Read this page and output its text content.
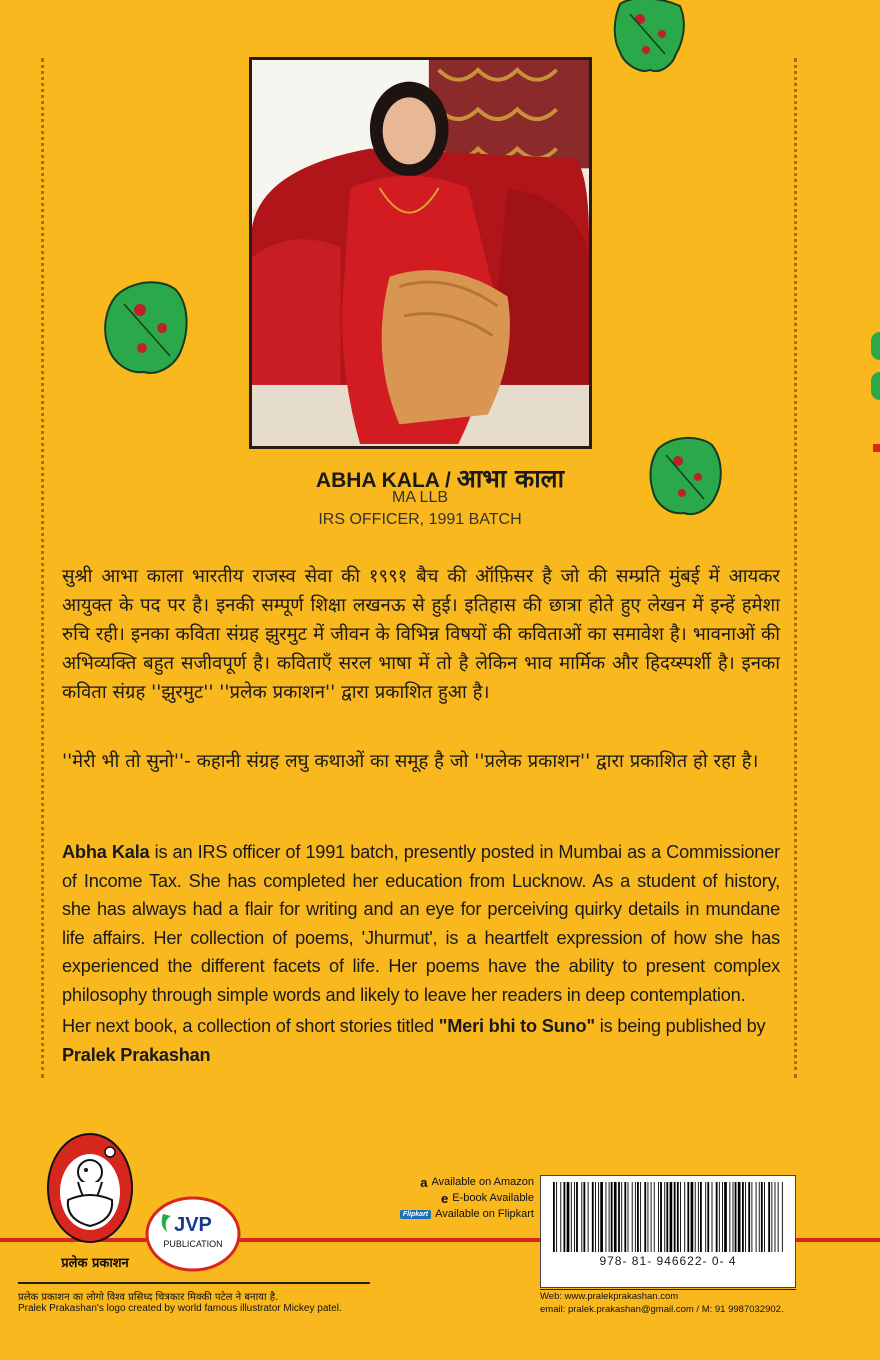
ABHA KALA / आभा काला
MA LLB
IRS OFFICER, 1991 BATCH

सुश्री आभा काला भारतीय राजस्व सेवा की १९९१ बैच की ऑफ़िसर है जो की सम्प्रति मुंबई में आयकर आयुक्त के पद पर है। इनकी सम्पूर्ण शिक्षा लखनऊ से हुई। इतिहास की छात्रा होते हुए लेखन में इन्हें हमेशा रुचि रही। इनका कविता संग्रह झुरमुट में जीवन के विभिन्न विषयों की कविताओं का समावेश है। भावनाओं की अभिव्यक्ति बहुत सजीवपूर्ण है। कविताएँ सरल भाषा में तो है लेकिन भाव मार्मिक और हिदय्स्पर्शी है। इनका कविता संग्रह ''झुरमुट'' ''प्रलेक प्रकाशन'' द्वारा प्रकाशित हुआ है।

''मेरी भी तो सुनो''- कहानी संग्रह लघु कथाओं का समूह है जो ''प्रलेक प्रकाशन'' द्वारा प्रकाशित हो रहा है।

Abha Kala is an IRS officer of 1991 batch, presently posted in Mumbai as a Commissioner of Income Tax. She has completed her education from Lucknow. As a student of history, she has always had a flair for writing and an eye for perceiving quirky details in mundane life affairs. Her collection of poems, 'Jhurmut', is a heartfelt expression of how she has experienced the different facets of life. Her poems have the ability to present complex philosophy through simple words and likely to leave her readers in deep contemplation.

Her next book, a collection of short stories titled "Meri bhi to Suno" is being published by
Pralek Prakashan

प्रलेक प्रकाशन
JVP
PUBLICATION
प्रलेक प्रकाशन का लोगो विश्व प्रसिध्द चित्रकार मिक्की पटेल ने बनाया है.
Pralek Prakashan's logo created by world famous illustrator Mickey patel.
a Available on Amazon
e E-book Available
Flipkart Available on Flipkart
978- 81- 946622- 0- 4
Web: www.pralekprakashan.com
email: pralek.prakashan@gmail.com / M: 91 9987032902.
